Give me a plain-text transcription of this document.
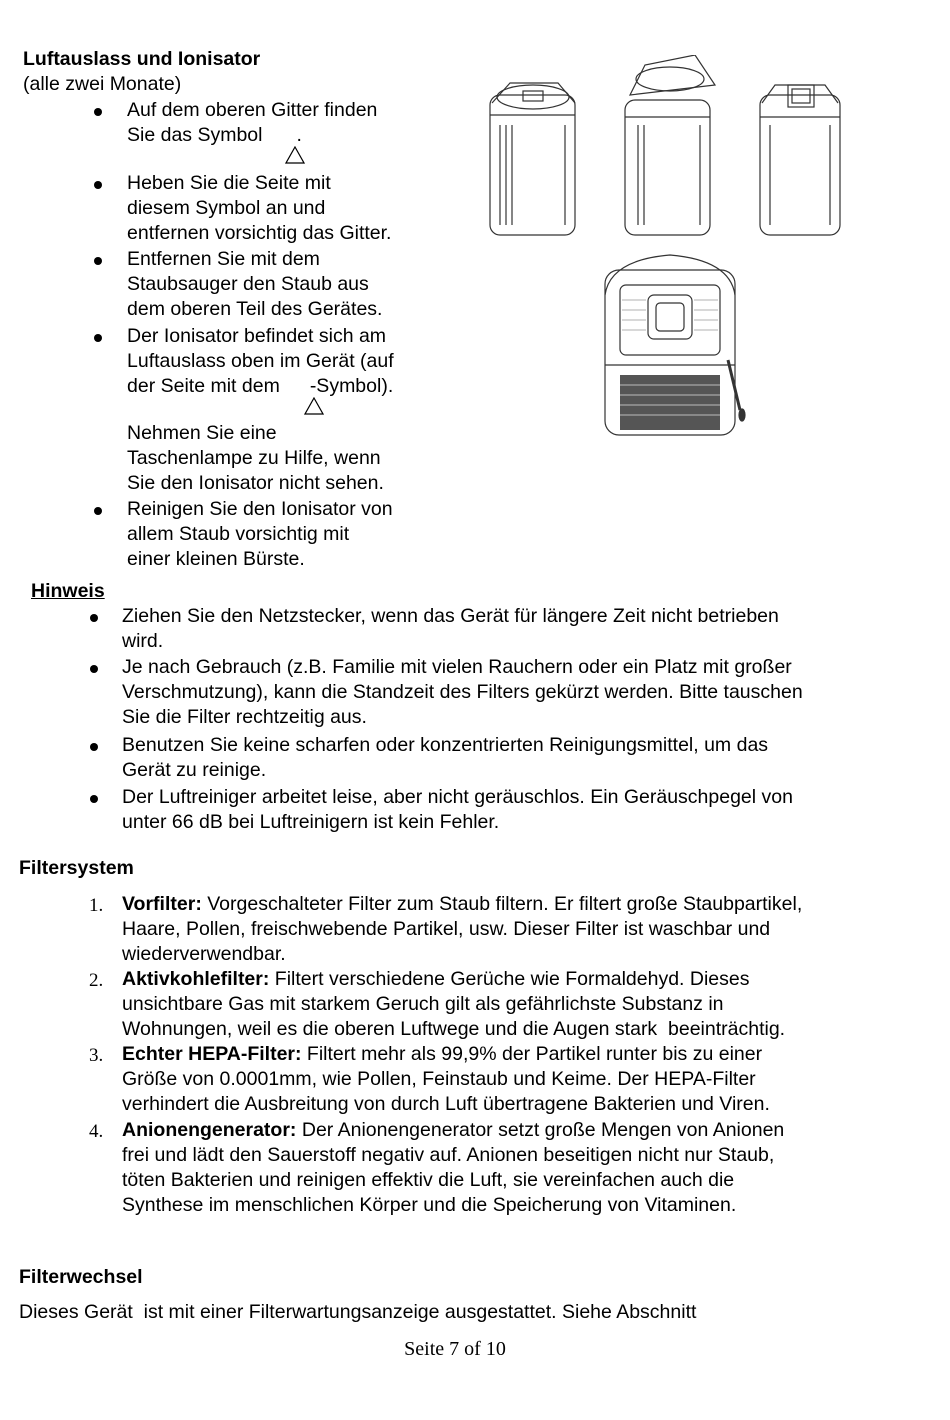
Luftauslass und Ionisator
(alle zwei Monate)
Auf dem oberen Gitter finden
Sie das Symbol .
Heben Sie die Seite mit
diesem Symbol an und
entfernen vorsichtig das Gitter.
Entfernen Sie mit dem
Staubsauger den Staub aus
dem oberen Teil des Gerätes.
Der Ionisator befindet sich am
Luftauslass oben im Gerät (auf
der Seite mit dem -Symbol).
Nehmen Sie eine
Taschenlampe zu Hilfe, wenn
Sie den Ionisator nicht sehen.
Reinigen Sie den Ionisator von
allem Staub vorsichtig mit
einer kleinen Bürste.
Hinweis
Ziehen Sie den Netzstecker, wenn das Gerät für längere Zeit nicht betrieben
wird.
Je nach Gebrauch (z.B. Familie mit vielen Rauchern oder ein Platz mit großer
Verschmutzung), kann die Standzeit des Filters gekürzt werden. Bitte tauschen
Sie die Filter rechtzeitig aus.
Benutzen Sie keine scharfen oder konzentrierten Reinigungsmittel, um das
Gerät zu reinige.
Der Luftreiniger arbeitet leise, aber nicht geräuschlos. Ein Geräuschpegel von
unter 66 dB bei Luftreinigern ist kein Fehler.
Filtersystem
1. Vorfilter: Vorgeschalteter Filter zum Staub filtern. Er filtert große Staubpartikel,
Haare, Pollen, freischwebende Partikel, usw. Dieser Filter ist waschbar und
wiederverwendbar.
2. Aktivkohlefilter: Filtert verschiedene Gerüche wie Formaldehyd. Dieses
unsichtbare Gas mit starkem Geruch gilt als gefährlichste Substanz in
Wohnungen, weil es die oberen Luftwege und die Augen stark  beeinträchtig.
3. Echter HEPA-Filter: Filtert mehr als 99,9% der Partikel runter bis zu einer
Größe von 0.0001mm, wie Pollen, Feinstaub und Keime. Der HEPA-Filter
verhindert die Ausbreitung von durch Luft übertragene Bakterien und Viren.
4. Anionengenerator: Der Anionengenerator setzt große Mengen von Anionen
frei und lädt den Sauerstoff negativ auf. Anionen beseitigen nicht nur Staub,
töten Bakterien und reinigen effektiv die Luft, sie vereinfachen auch die
Synthese im menschlichen Körper und die Speicherung von Vitaminen.
Filterwechsel
Dieses Gerät  ist mit einer Filterwartungsanzeige ausgestattet. Siehe Abschnitt
Seite 7 of 10
